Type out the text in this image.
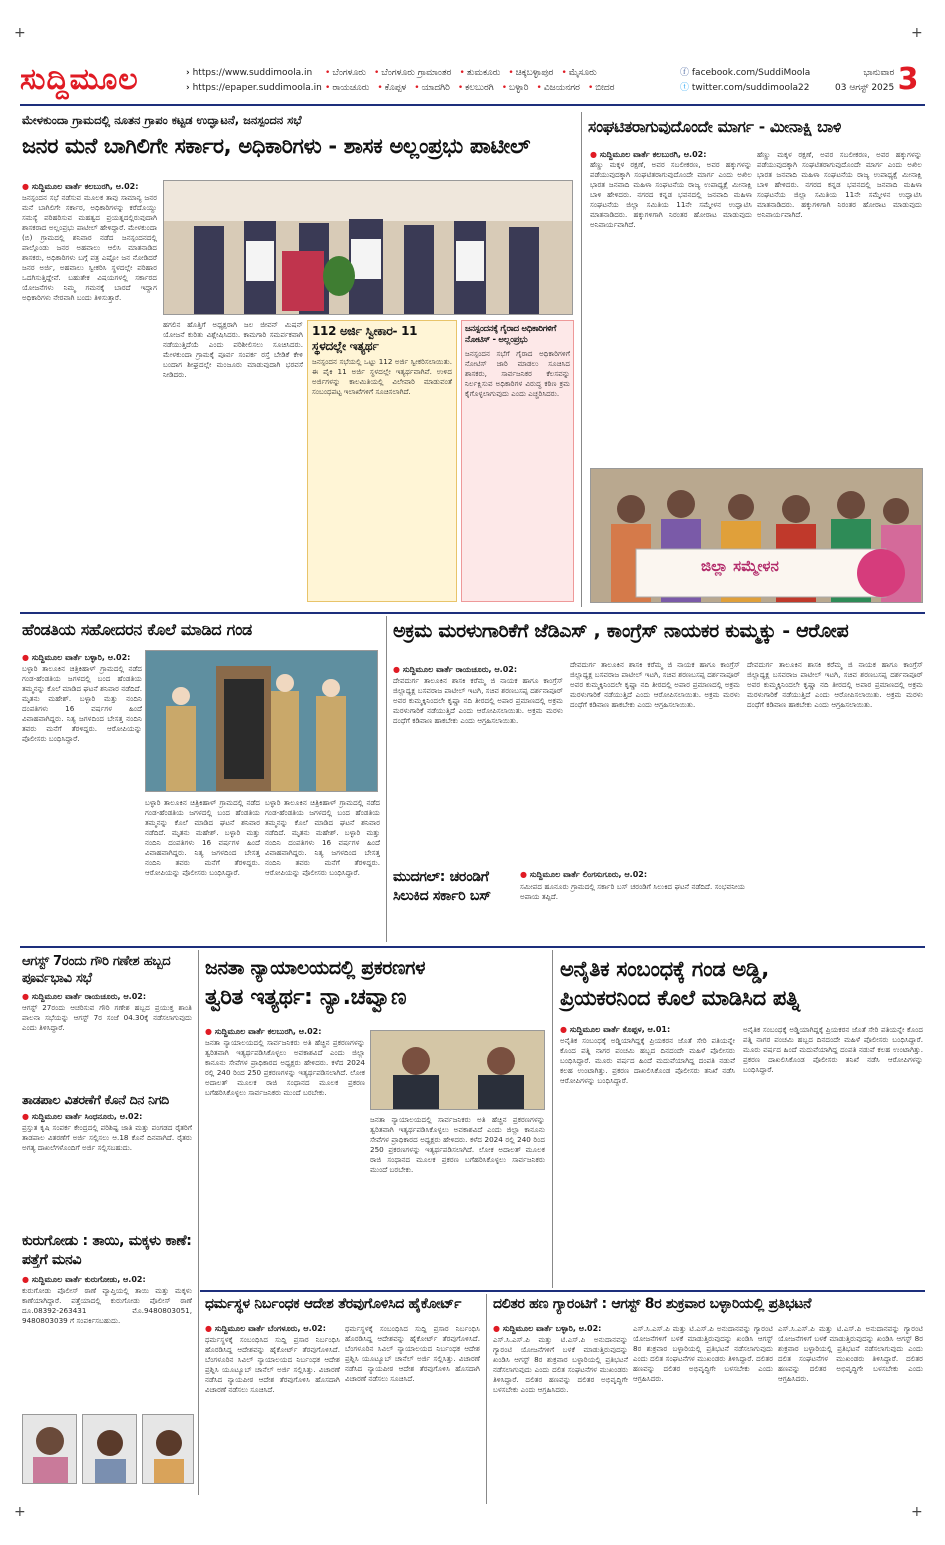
+	+
+	+
ಸುದ್ದಿಮೂಲ	› https://www.suddimoola.in
› https://epaper.suddimoola.in
• ಬೆಂಗಳೂರು	• ಬೆಂಗಳೂರು ಗ್ರಾಮಾಂತರ	• ತುಮಕೂರು	• ಚಿಕ್ಕಬಳ್ಳಾಪುರ	• ಮೈಸೂರು
• ರಾಯಚೂರು	• ಕೊಪ್ಪಳ	• ಯಾದಗಿರಿ	• ಕಲಬುರಗಿ	• ಬಳ್ಳಾರಿ	• ವಿಜಯನಗರ	• ಬೀದರ
ⓕ facebook.com/SuddiMoola
ⓣ twitter.com/suddimoola22
ಭಾನುವಾರ
03 ಆಗಸ್ಟ್ 2025 3
ಮೇಳಕುಂದಾ ಗ್ರಾಮದಲ್ಲಿ ನೂತನ ಗ್ರಾಪಂ ಕಟ್ಟಡ ಉದ್ಘಾಟನೆ, ಜನಸ್ಪಂದನ ಸಭೆ
ಜನರ ಮನೆ ಬಾಗಿಲಿಗೇ ಸರ್ಕಾರ, ಅಧಿಕಾರಿಗಳು - ಶಾಸಕ ಅಲ್ಲಂಪ್ರಭು ಪಾಟೀಲ್
● ಸುದ್ದಿಮೂಲ ವಾರ್ತೆ ಕಲಬುರಗಿ, ಆ.02:
ಜನಸ್ಪಂದನ ಸಭೆ ನಡೆಸುವ ಮೂಲಕ ತಾವು ಸಾಮಾನ್ಯ ಜನರ ಮನೆ ಬಾಗಿಲಿಗೇ ಸರ್ಕಾರ, ಅಧಿಕಾರಿಗಳನ್ನು ಕರೆದೊಯ್ದು ಸಮಸ್ಯೆ ಪರಿಹರಿಸುವ ಮಹತ್ವದ ಪ್ರಯತ್ನದಲ್ಲಿರುವುದಾಗಿ ಶಾಸಕರಾದ ಅಲ್ಲಂಪ್ರಭು ಪಾಟೀಲ್ ಹೇಳಿದ್ದಾರೆ. ಮೇಳಕುಂದಾ (ಬಿ) ಗ್ರಾಮದಲ್ಲಿ ಶನಿವಾರ ನಡೆದ ಜನಸ್ಪಂದನದಲ್ಲಿ ಪಾಲ್ಗೊಂಡು ಜನರ ಅಹವಾಲು ಆಲಿಸಿ ಮಾತನಾಡಿದ ಶಾಸಕರು, ಅಧಿಕಾರಿಗಳು ಬಗ್ಗೆ ಪತ್ರ ಎಷ್ಟೋ ಜನ ನೋಡಿದರೆ ಜನರ ಅರ್ಜಿ, ಅಹವಾಲು ಸ್ವೀಕರಿಸಿ ಸ್ಥಳದಲ್ಲೇ ಪರಿಹಾರ ಒದಗಿಸುತ್ತಿದ್ದೇವೆ. ಬಹುತೇಕ ವಿಷಯಗಳಲ್ಲಿ ಸರ್ಕಾರದ ಯೋಜನೆಗಳು ನಿಮ್ಮ ಗಮನಕ್ಕೆ ಬಾರದೆ ಇದ್ದಾಗ ಅಧಿಕಾರಿಗಳು ನೇರವಾಗಿ ಬಂದು ತಿಳಿಸುತ್ತಾರೆ.
ಹಗಲಿನ ಹೊತ್ತಿಗೆ ಅಧ್ಯಕ್ಷರಾಗಿ ಜಲ ಜೀವನ್ ಮಿಷನ್ ಯೋಜನೆ ಕುರಿತು ವಿಶ್ಲೇಷಿಸಿದರು. ಕಾಮಗಾರಿ ಸಮರ್ಪಕವಾಗಿ ನಡೆಯುತ್ತಿದೆಯೆ ಎಂದು ಪರಿಶೀಲಿಸಲು ಸೂಚಿಸಿದರು. ಮೇಳಕುಂದಾ ಗ್ರಾಮಕ್ಕೆ ಪೂರ್ವ ಸಂಪರ್ಕ ರಸ್ತೆ ಬೇಡಿಕೆ ಕೇಳಿ ಬಂದಾಗ ಶೀಘ್ರದಲ್ಲೇ ಮಂಜೂರು ಮಾಡುವುದಾಗಿ ಭರವಸೆ ನೀಡಿದರು.
112 ಅರ್ಜಿ ಸ್ವೀಕಾರ- 11 ಸ್ಥಳದಲ್ಲೇ ಇತ್ಯರ್ಥ
ಜನಸ್ಪಂದನ ಸಭೆಯಲ್ಲಿ ಒಟ್ಟು 112 ಅರ್ಜಿ ಸ್ವೀಕರಿಸಲಾಯಿತು. ಈ ಪೈಕಿ 11 ಅರ್ಜಿ ಸ್ಥಳದಲ್ಲೇ ಇತ್ಯರ್ಥವಾಗಿವೆ. ಉಳಿದ ಅರ್ಜಿಗಳನ್ನು ಕಾಲಮಿತಿಯಲ್ಲಿ ವಿಲೇವಾರಿ ಮಾಡುವಂತೆ ಸಂಬಂಧಪಟ್ಟ ಇಲಾಖೆಗಳಿಗೆ ಸೂಚಿಸಲಾಗಿದೆ.
ಜನಸ್ಪಂದನಕ್ಕೆ ಗೈರಾದ ಅಧಿಕಾರಿಗಳಿಗೆ ನೋಟಿಸ್ - ಅಲ್ಲಂಪ್ರಭು
ಜನಸ್ಪಂದನ ಸಭೆಗೆ ಗೈರಾದ ಅಧಿಕಾರಿಗಳಿಗೆ ನೋಟಿಸ್ ಜಾರಿ ಮಾಡಲು ಸೂಚಿಸಿದ ಶಾಸಕರು, ಸಾರ್ವಜನಿಕರ ಕೆಲಸವನ್ನು ನಿರ್ಲಕ್ಷಿಸುವ ಅಧಿಕಾರಿಗಳ ವಿರುದ್ಧ ಕಠಿಣ ಕ್ರಮ ಕೈಗೊಳ್ಳಲಾಗುವುದು ಎಂದು ಎಚ್ಚರಿಸಿದರು.
ಸಂಘಟಿತರಾಗುವುದೊಂದೇ ಮಾರ್ಗ - ಮೀನಾಕ್ಷಿ ಬಾಳಿ
● ಸುದ್ದಿಮೂಲ ವಾರ್ತೆ ಕಲಬುರಗಿ, ಆ.02:
ಹೆಣ್ಣು ಮಕ್ಕಳ ರಕ್ಷಣೆ, ಅವರ ಸಬಲೀಕರಣ, ಅವರ ಹಕ್ಕುಗಳನ್ನು ಪಡೆಯುವುದಕ್ಕಾಗಿ ಸಂಘಟಿತರಾಗುವುದೊಂದೇ ಮಾರ್ಗ ಎಂದು ಅಖಿಲ ಭಾರತ ಜನವಾದಿ ಮಹಿಳಾ ಸಂಘಟನೆಯ ರಾಜ್ಯ ಉಪಾಧ್ಯಕ್ಷೆ ಮೀನಾಕ್ಷಿ ಬಾಳಿ ಹೇಳಿದರು. ನಗರದ ಕನ್ನಡ ಭವನದಲ್ಲಿ ಜನವಾದಿ ಮಹಿಳಾ ಸಂಘಟನೆಯ ಜಿಲ್ಲಾ ಸಮಿತಿಯ 11ನೇ ಸಮ್ಮೇಳನ ಉದ್ಘಾಟಿಸಿ ಮಾತನಾಡಿದರು. ಹಕ್ಕುಗಳಿಗಾಗಿ ನಿರಂತರ ಹೋರಾಟ ಮಾಡುವುದು ಅನಿವಾರ್ಯವಾಗಿದೆ.
ಹೆಣ್ಣು ಮಕ್ಕಳ ರಕ್ಷಣೆ, ಅವರ ಸಬಲೀಕರಣ, ಅವರ ಹಕ್ಕುಗಳನ್ನು ಪಡೆಯುವುದಕ್ಕಾಗಿ ಸಂಘಟಿತರಾಗುವುದೊಂದೇ ಮಾರ್ಗ ಎಂದು ಅಖಿಲ ಭಾರತ ಜನವಾದಿ ಮಹಿಳಾ ಸಂಘಟನೆಯ ರಾಜ್ಯ ಉಪಾಧ್ಯಕ್ಷೆ ಮೀನಾಕ್ಷಿ ಬಾಳಿ ಹೇಳಿದರು. ನಗರದ ಕನ್ನಡ ಭವನದಲ್ಲಿ ಜನವಾದಿ ಮಹಿಳಾ ಸಂಘಟನೆಯ ಜಿಲ್ಲಾ ಸಮಿತಿಯ 11ನೇ ಸಮ್ಮೇಳನ ಉದ್ಘಾಟಿಸಿ ಮಾತನಾಡಿದರು. ಹಕ್ಕುಗಳಿಗಾಗಿ ನಿರಂತರ ಹೋರಾಟ ಮಾಡುವುದು ಅನಿವಾರ್ಯವಾಗಿದೆ.
ಜಿಲ್ಲಾ ಸಮ್ಮೇಳನ
ಹೆಂಡತಿಯ ಸಹೋದರನ ಕೊಲೆ ಮಾಡಿದ ಗಂಡ
● ಸುದ್ದಿಮೂಲ ವಾರ್ತೆ ಬಳ್ಳಾರಿ, ಆ.02:
ಬಳ್ಳಾರಿ ತಾಲೂಕಿನ ಚಿತ್ರಿಕಿಹಾಳ್ ಗ್ರಾಮದಲ್ಲಿ ನಡೆದ ಗಂಡ-ಹೆಂಡತಿಯ ಜಗಳದಲ್ಲಿ ಬಂದ ಹೆಂಡತಿಯ ತಮ್ಮನನ್ನು ಕೊಲೆ ಮಾಡಿದ ಘಟನೆ ಶನಿವಾರ ನಡೆದಿದೆ. ಮೃತನು ಮಹೇಶ್. ಬಳ್ಳಾರಿ ಮತ್ತು ನಂದಿನಿ ದಂಪತಿಗಳು 16 ವರ್ಷಗಳ ಹಿಂದೆ ವಿವಾಹವಾಗಿದ್ದರು. ನಿತ್ಯ ಜಗಳದಿಂದ ಬೇಸತ್ತ ನಂದಿನಿ ತವರು ಮನೆಗೆ ತೆರಳಿದ್ದರು. ಆರೋಪಿಯನ್ನು ಪೊಲೀಸರು ಬಂಧಿಸಿದ್ದಾರೆ.
ಬಳ್ಳಾರಿ ತಾಲೂಕಿನ ಚಿತ್ರಿಕಿಹಾಳ್ ಗ್ರಾಮದಲ್ಲಿ ನಡೆದ ಗಂಡ-ಹೆಂಡತಿಯ ಜಗಳದಲ್ಲಿ ಬಂದ ಹೆಂಡತಿಯ ತಮ್ಮನನ್ನು ಕೊಲೆ ಮಾಡಿದ ಘಟನೆ ಶನಿವಾರ ನಡೆದಿದೆ. ಮೃತನು ಮಹೇಶ್. ಬಳ್ಳಾರಿ ಮತ್ತು ನಂದಿನಿ ದಂಪತಿಗಳು 16 ವರ್ಷಗಳ ಹಿಂದೆ ವಿವಾಹವಾಗಿದ್ದರು. ನಿತ್ಯ ಜಗಳದಿಂದ ಬೇಸತ್ತ ನಂದಿನಿ ತವರು ಮನೆಗೆ ತೆರಳಿದ್ದರು. ಆರೋಪಿಯನ್ನು ಪೊಲೀಸರು ಬಂಧಿಸಿದ್ದಾರೆ.
ಬಳ್ಳಾರಿ ತಾಲೂಕಿನ ಚಿತ್ರಿಕಿಹಾಳ್ ಗ್ರಾಮದಲ್ಲಿ ನಡೆದ ಗಂಡ-ಹೆಂಡತಿಯ ಜಗಳದಲ್ಲಿ ಬಂದ ಹೆಂಡತಿಯ ತಮ್ಮನನ್ನು ಕೊಲೆ ಮಾಡಿದ ಘಟನೆ ಶನಿವಾರ ನಡೆದಿದೆ. ಮೃತನು ಮಹೇಶ್. ಬಳ್ಳಾರಿ ಮತ್ತು ನಂದಿನಿ ದಂಪತಿಗಳು 16 ವರ್ಷಗಳ ಹಿಂದೆ ವಿವಾಹವಾಗಿದ್ದರು. ನಿತ್ಯ ಜಗಳದಿಂದ ಬೇಸತ್ತ ನಂದಿನಿ ತವರು ಮನೆಗೆ ತೆರಳಿದ್ದರು. ಆರೋಪಿಯನ್ನು ಪೊಲೀಸರು ಬಂಧಿಸಿದ್ದಾರೆ.
ಅಕ್ರಮ ಮರಳುಗಾರಿಕೆಗೆ ಜೆಡಿಎಸ್ , ಕಾಂಗ್ರೆಸ್ ನಾಯಕರ ಕುಮ್ಮಕ್ಕು - ಆರೋಪ
● ಸುದ್ದಿಮೂಲ ವಾರ್ತೆ ರಾಯಚೂರು, ಆ.02:
ದೇವದುರ್ಗ ತಾಲೂಕಿನ ಶಾಸಕಿ ಕರೆಮ್ಮ ಜಿ ನಾಯಕ ಹಾಗೂ ಕಾಂಗ್ರೆಸ್ ಜಿಲ್ಲಾಧ್ಯಕ್ಷ ಬಸವರಾಜ ಪಾಟೀಲ್ ಇಟಗಿ, ಸಚಿವ ಶರಣಬಸಪ್ಪ ದರ್ಶನಾಪೂರ್ ಅವರ ಕುಮ್ಮಕ್ಕಿನಿಂದಲೇ ಕೃಷ್ಣಾ ನದಿ ತೀರದಲ್ಲಿ ಅಪಾರ ಪ್ರಮಾಣದಲ್ಲಿ ಅಕ್ರಮ ಮರಳುಗಾರಿಕೆ ನಡೆಯುತ್ತಿದೆ ಎಂದು ಆರೋಪಿಸಲಾಯಿತು. ಅಕ್ರಮ ಮರಳು ದಂಧೆಗೆ ಕಡಿವಾಣ ಹಾಕಬೇಕು ಎಂದು ಆಗ್ರಹಿಸಲಾಯಿತು.
ದೇವದುರ್ಗ ತಾಲೂಕಿನ ಶಾಸಕಿ ಕರೆಮ್ಮ ಜಿ ನಾಯಕ ಹಾಗೂ ಕಾಂಗ್ರೆಸ್ ಜಿಲ್ಲಾಧ್ಯಕ್ಷ ಬಸವರಾಜ ಪಾಟೀಲ್ ಇಟಗಿ, ಸಚಿವ ಶರಣಬಸಪ್ಪ ದರ್ಶನಾಪೂರ್ ಅವರ ಕುಮ್ಮಕ್ಕಿನಿಂದಲೇ ಕೃಷ್ಣಾ ನದಿ ತೀರದಲ್ಲಿ ಅಪಾರ ಪ್ರಮಾಣದಲ್ಲಿ ಅಕ್ರಮ ಮರಳುಗಾರಿಕೆ ನಡೆಯುತ್ತಿದೆ ಎಂದು ಆರೋಪಿಸಲಾಯಿತು. ಅಕ್ರಮ ಮರಳು ದಂಧೆಗೆ ಕಡಿವಾಣ ಹಾಕಬೇಕು ಎಂದು ಆಗ್ರಹಿಸಲಾಯಿತು.
ದೇವದುರ್ಗ ತಾಲೂಕಿನ ಶಾಸಕಿ ಕರೆಮ್ಮ ಜಿ ನಾಯಕ ಹಾಗೂ ಕಾಂಗ್ರೆಸ್ ಜಿಲ್ಲಾಧ್ಯಕ್ಷ ಬಸವರಾಜ ಪಾಟೀಲ್ ಇಟಗಿ, ಸಚಿವ ಶರಣಬಸಪ್ಪ ದರ್ಶನಾಪೂರ್ ಅವರ ಕುಮ್ಮಕ್ಕಿನಿಂದಲೇ ಕೃಷ್ಣಾ ನದಿ ತೀರದಲ್ಲಿ ಅಪಾರ ಪ್ರಮಾಣದಲ್ಲಿ ಅಕ್ರಮ ಮರಳುಗಾರಿಕೆ ನಡೆಯುತ್ತಿದೆ ಎಂದು ಆರೋಪಿಸಲಾಯಿತು. ಅಕ್ರಮ ಮರಳು ದಂಧೆಗೆ ಕಡಿವಾಣ ಹಾಕಬೇಕು ಎಂದು ಆಗ್ರಹಿಸಲಾಯಿತು.
ಮುದಗಲ್: ಚರಂಡಿಗೆ ಸಿಲುಕಿದ ಸರ್ಕಾರಿ ಬಸ್
● ಸುದ್ದಿಮೂಲ ವಾರ್ತೆ ಲಿಂಗಸುಗೂರು, ಆ.02:
ಸಮೀಪದ ಹೂನೂರು ಗ್ರಾಮದಲ್ಲಿ ಸರ್ಕಾರಿ ಬಸ್ ಚರಂಡಿಗೆ ಸಿಲುಕಿದ ಘಟನೆ ನಡೆದಿದೆ. ಸಂಭವನೀಯ ಅಪಾಯ ತಪ್ಪಿದೆ.
ಆಗಸ್ಟ್ 7ರಂದು ಗೌರಿ ಗಣೇಶ ಹಬ್ಬದ ಪೂರ್ವಭಾವಿ ಸಭೆ
● ಸುದ್ದಿಮೂಲ ವಾರ್ತೆ ರಾಯಚೂರು, ಆ.02:
ಆಗಸ್ಟ್ 27ರಂದು ಆಚರಿಸುವ ಗೌರಿ ಗಣೇಶ ಹಬ್ಬದ ಪ್ರಯುಕ್ತ ಶಾಂತಿ ಪಾಲನಾ ಸಭೆಯನ್ನು ಆಗಸ್ಟ್ 7ರ ಸಂಜೆ 04.30ಕ್ಕೆ ನಡೆಸಲಾಗುವುದು ಎಂದು ತಿಳಿಸಿದ್ದಾರೆ.
ತಾಡಪಾಲ ವಿತರಣೆಗೆ ಕೊನೆ ದಿನ ನಿಗದಿ
● ಸುದ್ದಿಮೂಲ ವಾರ್ತೆ ಸಿಂಧನೂರು, ಆ.02:
ಪ್ರಸ್ತುತ ಕೃಷಿ ಸಂಪರ್ಕ ಕೇಂದ್ರದಲ್ಲಿ ಪರಿಶಿಷ್ಟ ಜಾತಿ ಮತ್ತು ಪಂಗಡದ ರೈತರಿಗೆ ತಾಡಪಾಲ ವಿತರಣೆಗೆ ಅರ್ಜಿ ಸಲ್ಲಿಸಲು ಆ.18 ಕೊನೆ ದಿನವಾಗಿದೆ. ರೈತರು ಅಗತ್ಯ ದಾಖಲೆಗಳೊಂದಿಗೆ ಅರ್ಜಿ ಸಲ್ಲಿಸಬಹುದು.
ಕುರುಗೋಡು : ತಾಯಿ, ಮಕ್ಕಳು ಕಾಣೆ: ಪತ್ತೆಗೆ ಮನವಿ
● ಸುದ್ದಿಮೂಲ ವಾರ್ತೆ ಕುರುಗೋಡು, ಆ.02:
ಕುರುಗೋಡು ಪೊಲೀಸ್ ಠಾಣೆ ವ್ಯಾಪ್ತಿಯಲ್ಲಿ ತಾಯಿ ಮತ್ತು ಮಕ್ಕಳು ಕಾಣೆಯಾಗಿದ್ದಾರೆ. ಪತ್ತೆಯಾದಲ್ಲಿ ಕುರುಗೋಡು ಪೊಲೀಸ್ ಠಾಣೆ ದೂ.08392-263431 ಮೊ.9480803051, 9480803039 ಗೆ ಸಂಪರ್ಕಿಸಬಹುದು.
ಜನತಾ ನ್ಯಾಯಾಲಯದಲ್ಲಿ ಪ್ರಕರಣಗಳ
ತ್ವರಿತ ಇತ್ಯರ್ಥ: ನ್ಯಾ.ಚವ್ವಾಣ
● ಸುದ್ದಿಮೂಲ ವಾರ್ತೆ ಕಲಬುರಗಿ, ಆ.02:
ಜನತಾ ನ್ಯಾಯಾಲಯದಲ್ಲಿ ಸಾರ್ವಜನಿಕರು ಅತಿ ಹೆಚ್ಚಿನ ಪ್ರಕರಣಗಳನ್ನು ತ್ವರಿತವಾಗಿ ಇತ್ಯರ್ಥಪಡಿಸಿಕೊಳ್ಳಲು ಅವಕಾಶವಿದೆ ಎಂದು ಜಿಲ್ಲಾ ಕಾನೂನು ಸೇವೆಗಳ ಪ್ರಾಧಿಕಾರದ ಅಧ್ಯಕ್ಷರು ಹೇಳಿದರು. ಕಳೆದ 2024 ರಲ್ಲಿ 240 ರಿಂದ 250 ಪ್ರಕರಣಗಳನ್ನು ಇತ್ಯರ್ಥಪಡಿಸಲಾಗಿದೆ. ಲೋಕ ಅದಾಲತ್ ಮೂಲಕ ರಾಜಿ ಸಂಧಾನದ ಮೂಲಕ ಪ್ರಕರಣ ಬಗೆಹರಿಸಿಕೊಳ್ಳಲು ಸಾರ್ವಜನಿಕರು ಮುಂದೆ ಬರಬೇಕು.
ಜನತಾ ನ್ಯಾಯಾಲಯದಲ್ಲಿ ಸಾರ್ವಜನಿಕರು ಅತಿ ಹೆಚ್ಚಿನ ಪ್ರಕರಣಗಳನ್ನು ತ್ವರಿತವಾಗಿ ಇತ್ಯರ್ಥಪಡಿಸಿಕೊಳ್ಳಲು ಅವಕಾಶವಿದೆ ಎಂದು ಜಿಲ್ಲಾ ಕಾನೂನು ಸೇವೆಗಳ ಪ್ರಾಧಿಕಾರದ ಅಧ್ಯಕ್ಷರು ಹೇಳಿದರು. ಕಳೆದ 2024 ರಲ್ಲಿ 240 ರಿಂದ 250 ಪ್ರಕರಣಗಳನ್ನು ಇತ್ಯರ್ಥಪಡಿಸಲಾಗಿದೆ. ಲೋಕ ಅದಾಲತ್ ಮೂಲಕ ರಾಜಿ ಸಂಧಾನದ ಮೂಲಕ ಪ್ರಕರಣ ಬಗೆಹರಿಸಿಕೊಳ್ಳಲು ಸಾರ್ವಜನಿಕರು ಮುಂದೆ ಬರಬೇಕು.
ಅನೈತಿಕ ಸಂಬಂಧಕ್ಕೆ ಗಂಡ ಅಡ್ಡಿ,
ಪ್ರಿಯಕರನಿಂದ ಕೊಲೆ ಮಾಡಿಸಿದ ಪತ್ನಿ
● ಸುದ್ದಿಮೂಲ ವಾರ್ತೆ ಕೊಪ್ಪಳ, ಆ.01:
ಅನೈತಿಕ ಸಂಬಂಧಕ್ಕೆ ಅಡ್ಡಿಯಾಗಿದ್ದಕ್ಕೆ ಪ್ರಿಯಕರನ ಜೊತೆ ಸೇರಿ ಪತಿಯನ್ನೇ ಕೊಂದ ಪತ್ನಿ ನಾಗರ ಪಂಚಮಿ ಹಬ್ಬದ ದಿನದಂದೇ ಮಹಿಳೆ ಪೊಲೀಸರು ಬಂಧಿಸಿದ್ದಾರೆ. ಮೂರು ವರ್ಷದ ಹಿಂದೆ ಮದುವೆಯಾಗಿದ್ದ ದಂಪತಿ ನಡುವೆ ಕಲಹ ಉಂಟಾಗಿತ್ತು. ಪ್ರಕರಣ ದಾಖಲಿಸಿಕೊಂಡ ಪೊಲೀಸರು ತನಿಖೆ ನಡೆಸಿ ಆರೋಪಿಗಳನ್ನು ಬಂಧಿಸಿದ್ದಾರೆ.
ಅನೈತಿಕ ಸಂಬಂಧಕ್ಕೆ ಅಡ್ಡಿಯಾಗಿದ್ದಕ್ಕೆ ಪ್ರಿಯಕರನ ಜೊತೆ ಸೇರಿ ಪತಿಯನ್ನೇ ಕೊಂದ ಪತ್ನಿ ನಾಗರ ಪಂಚಮಿ ಹಬ್ಬದ ದಿನದಂದೇ ಮಹಿಳೆ ಪೊಲೀಸರು ಬಂಧಿಸಿದ್ದಾರೆ. ಮೂರು ವರ್ಷದ ಹಿಂದೆ ಮದುವೆಯಾಗಿದ್ದ ದಂಪತಿ ನಡುವೆ ಕಲಹ ಉಂಟಾಗಿತ್ತು. ಪ್ರಕರಣ ದಾಖಲಿಸಿಕೊಂಡ ಪೊಲೀಸರು ತನಿಖೆ ನಡೆಸಿ ಆರೋಪಿಗಳನ್ನು ಬಂಧಿಸಿದ್ದಾರೆ.
ಧರ್ಮಸ್ಥಳ ನಿರ್ಬಂಧಕ ಆದೇಶ ತೆರವುಗೊಳಿಸಿದ ಹೈಕೋರ್ಟ್
● ಸುದ್ದಿಮೂಲ ವಾರ್ತೆ ಬೆಂಗಳೂರು, ಆ.02:
ಧರ್ಮಸ್ಥಳಕ್ಕೆ ಸಂಬಂಧಿಸಿದ ಸುದ್ದಿ ಪ್ರಸಾರ ನಿರ್ಬಂಧಿಸಿ ಹೊರಡಿಸಿದ್ದ ಆದೇಶವನ್ನು ಹೈಕೋರ್ಟ್ ತೆರವುಗೊಳಿಸಿದೆ. ಬೆಂಗಳೂರಿನ ಸಿವಿಲ್ ನ್ಯಾಯಾಲಯದ ನಿರ್ಬಂಧಕ ಆದೇಶ ಪ್ರಶ್ನಿಸಿ ಯೂಟ್ಯೂಬ್ ಚಾನೆಲ್ ಅರ್ಜಿ ಸಲ್ಲಿಸಿತ್ತು. ವಿಚಾರಣೆ ನಡೆಸಿದ ನ್ಯಾಯಪೀಠ ಆದೇಶ ತೆರವುಗೊಳಿಸಿ ಹೊಸದಾಗಿ ವಿಚಾರಣೆ ನಡೆಸಲು ಸೂಚಿಸಿದೆ.
ಧರ್ಮಸ್ಥಳಕ್ಕೆ ಸಂಬಂಧಿಸಿದ ಸುದ್ದಿ ಪ್ರಸಾರ ನಿರ್ಬಂಧಿಸಿ ಹೊರಡಿಸಿದ್ದ ಆದೇಶವನ್ನು ಹೈಕೋರ್ಟ್ ತೆರವುಗೊಳಿಸಿದೆ. ಬೆಂಗಳೂರಿನ ಸಿವಿಲ್ ನ್ಯಾಯಾಲಯದ ನಿರ್ಬಂಧಕ ಆದೇಶ ಪ್ರಶ್ನಿಸಿ ಯೂಟ್ಯೂಬ್ ಚಾನೆಲ್ ಅರ್ಜಿ ಸಲ್ಲಿಸಿತ್ತು. ವಿಚಾರಣೆ ನಡೆಸಿದ ನ್ಯಾಯಪೀಠ ಆದೇಶ ತೆರವುಗೊಳಿಸಿ ಹೊಸದಾಗಿ ವಿಚಾರಣೆ ನಡೆಸಲು ಸೂಚಿಸಿದೆ.
ದಲಿತರ ಹಣ ಗ್ಯಾರಂಟಿಗೆ : ಆಗಸ್ಟ್ 8ರ ಶುಕ್ರವಾರ ಬಳ್ಳಾರಿಯಲ್ಲಿ ಪ್ರತಿಭಟನೆ
● ಸುದ್ದಿಮೂಲ ವಾರ್ತೆ ಬಳ್ಳಾರಿ, ಆ.02:
ಎಸ್.ಸಿ.ಎಸ್.ಪಿ ಮತ್ತು ಟಿ.ಎಸ್.ಪಿ ಅನುದಾನವನ್ನು ಗ್ಯಾರಂಟಿ ಯೋಜನೆಗಳಿಗೆ ಬಳಕೆ ಮಾಡುತ್ತಿರುವುದನ್ನು ಖಂಡಿಸಿ ಆಗಸ್ಟ್ 8ರ ಶುಕ್ರವಾರ ಬಳ್ಳಾರಿಯಲ್ಲಿ ಪ್ರತಿಭಟನೆ ನಡೆಸಲಾಗುವುದು ಎಂದು ದಲಿತ ಸಂಘಟನೆಗಳ ಮುಖಂಡರು ತಿಳಿಸಿದ್ದಾರೆ. ದಲಿತರ ಹಣವನ್ನು ದಲಿತರ ಅಭಿವೃದ್ಧಿಗೇ ಬಳಸಬೇಕು ಎಂದು ಆಗ್ರಹಿಸಿದರು.
ಎಸ್.ಸಿ.ಎಸ್.ಪಿ ಮತ್ತು ಟಿ.ಎಸ್.ಪಿ ಅನುದಾನವನ್ನು ಗ್ಯಾರಂಟಿ ಯೋಜನೆಗಳಿಗೆ ಬಳಕೆ ಮಾಡುತ್ತಿರುವುದನ್ನು ಖಂಡಿಸಿ ಆಗಸ್ಟ್ 8ರ ಶುಕ್ರವಾರ ಬಳ್ಳಾರಿಯಲ್ಲಿ ಪ್ರತಿಭಟನೆ ನಡೆಸಲಾಗುವುದು ಎಂದು ದಲಿತ ಸಂಘಟನೆಗಳ ಮುಖಂಡರು ತಿಳಿಸಿದ್ದಾರೆ. ದಲಿತರ ಹಣವನ್ನು ದಲಿತರ ಅಭಿವೃದ್ಧಿಗೇ ಬಳಸಬೇಕು ಎಂದು ಆಗ್ರಹಿಸಿದರು.
ಎಸ್.ಸಿ.ಎಸ್.ಪಿ ಮತ್ತು ಟಿ.ಎಸ್.ಪಿ ಅನುದಾನವನ್ನು ಗ್ಯಾರಂಟಿ ಯೋಜನೆಗಳಿಗೆ ಬಳಕೆ ಮಾಡುತ್ತಿರುವುದನ್ನು ಖಂಡಿಸಿ ಆಗಸ್ಟ್ 8ರ ಶುಕ್ರವಾರ ಬಳ್ಳಾರಿಯಲ್ಲಿ ಪ್ರತಿಭಟನೆ ನಡೆಸಲಾಗುವುದು ಎಂದು ದಲಿತ ಸಂಘಟನೆಗಳ ಮುಖಂಡರು ತಿಳಿಸಿದ್ದಾರೆ. ದಲಿತರ ಹಣವನ್ನು ದಲಿತರ ಅಭಿವೃದ್ಧಿಗೇ ಬಳಸಬೇಕು ಎಂದು ಆಗ್ರಹಿಸಿದರು.
